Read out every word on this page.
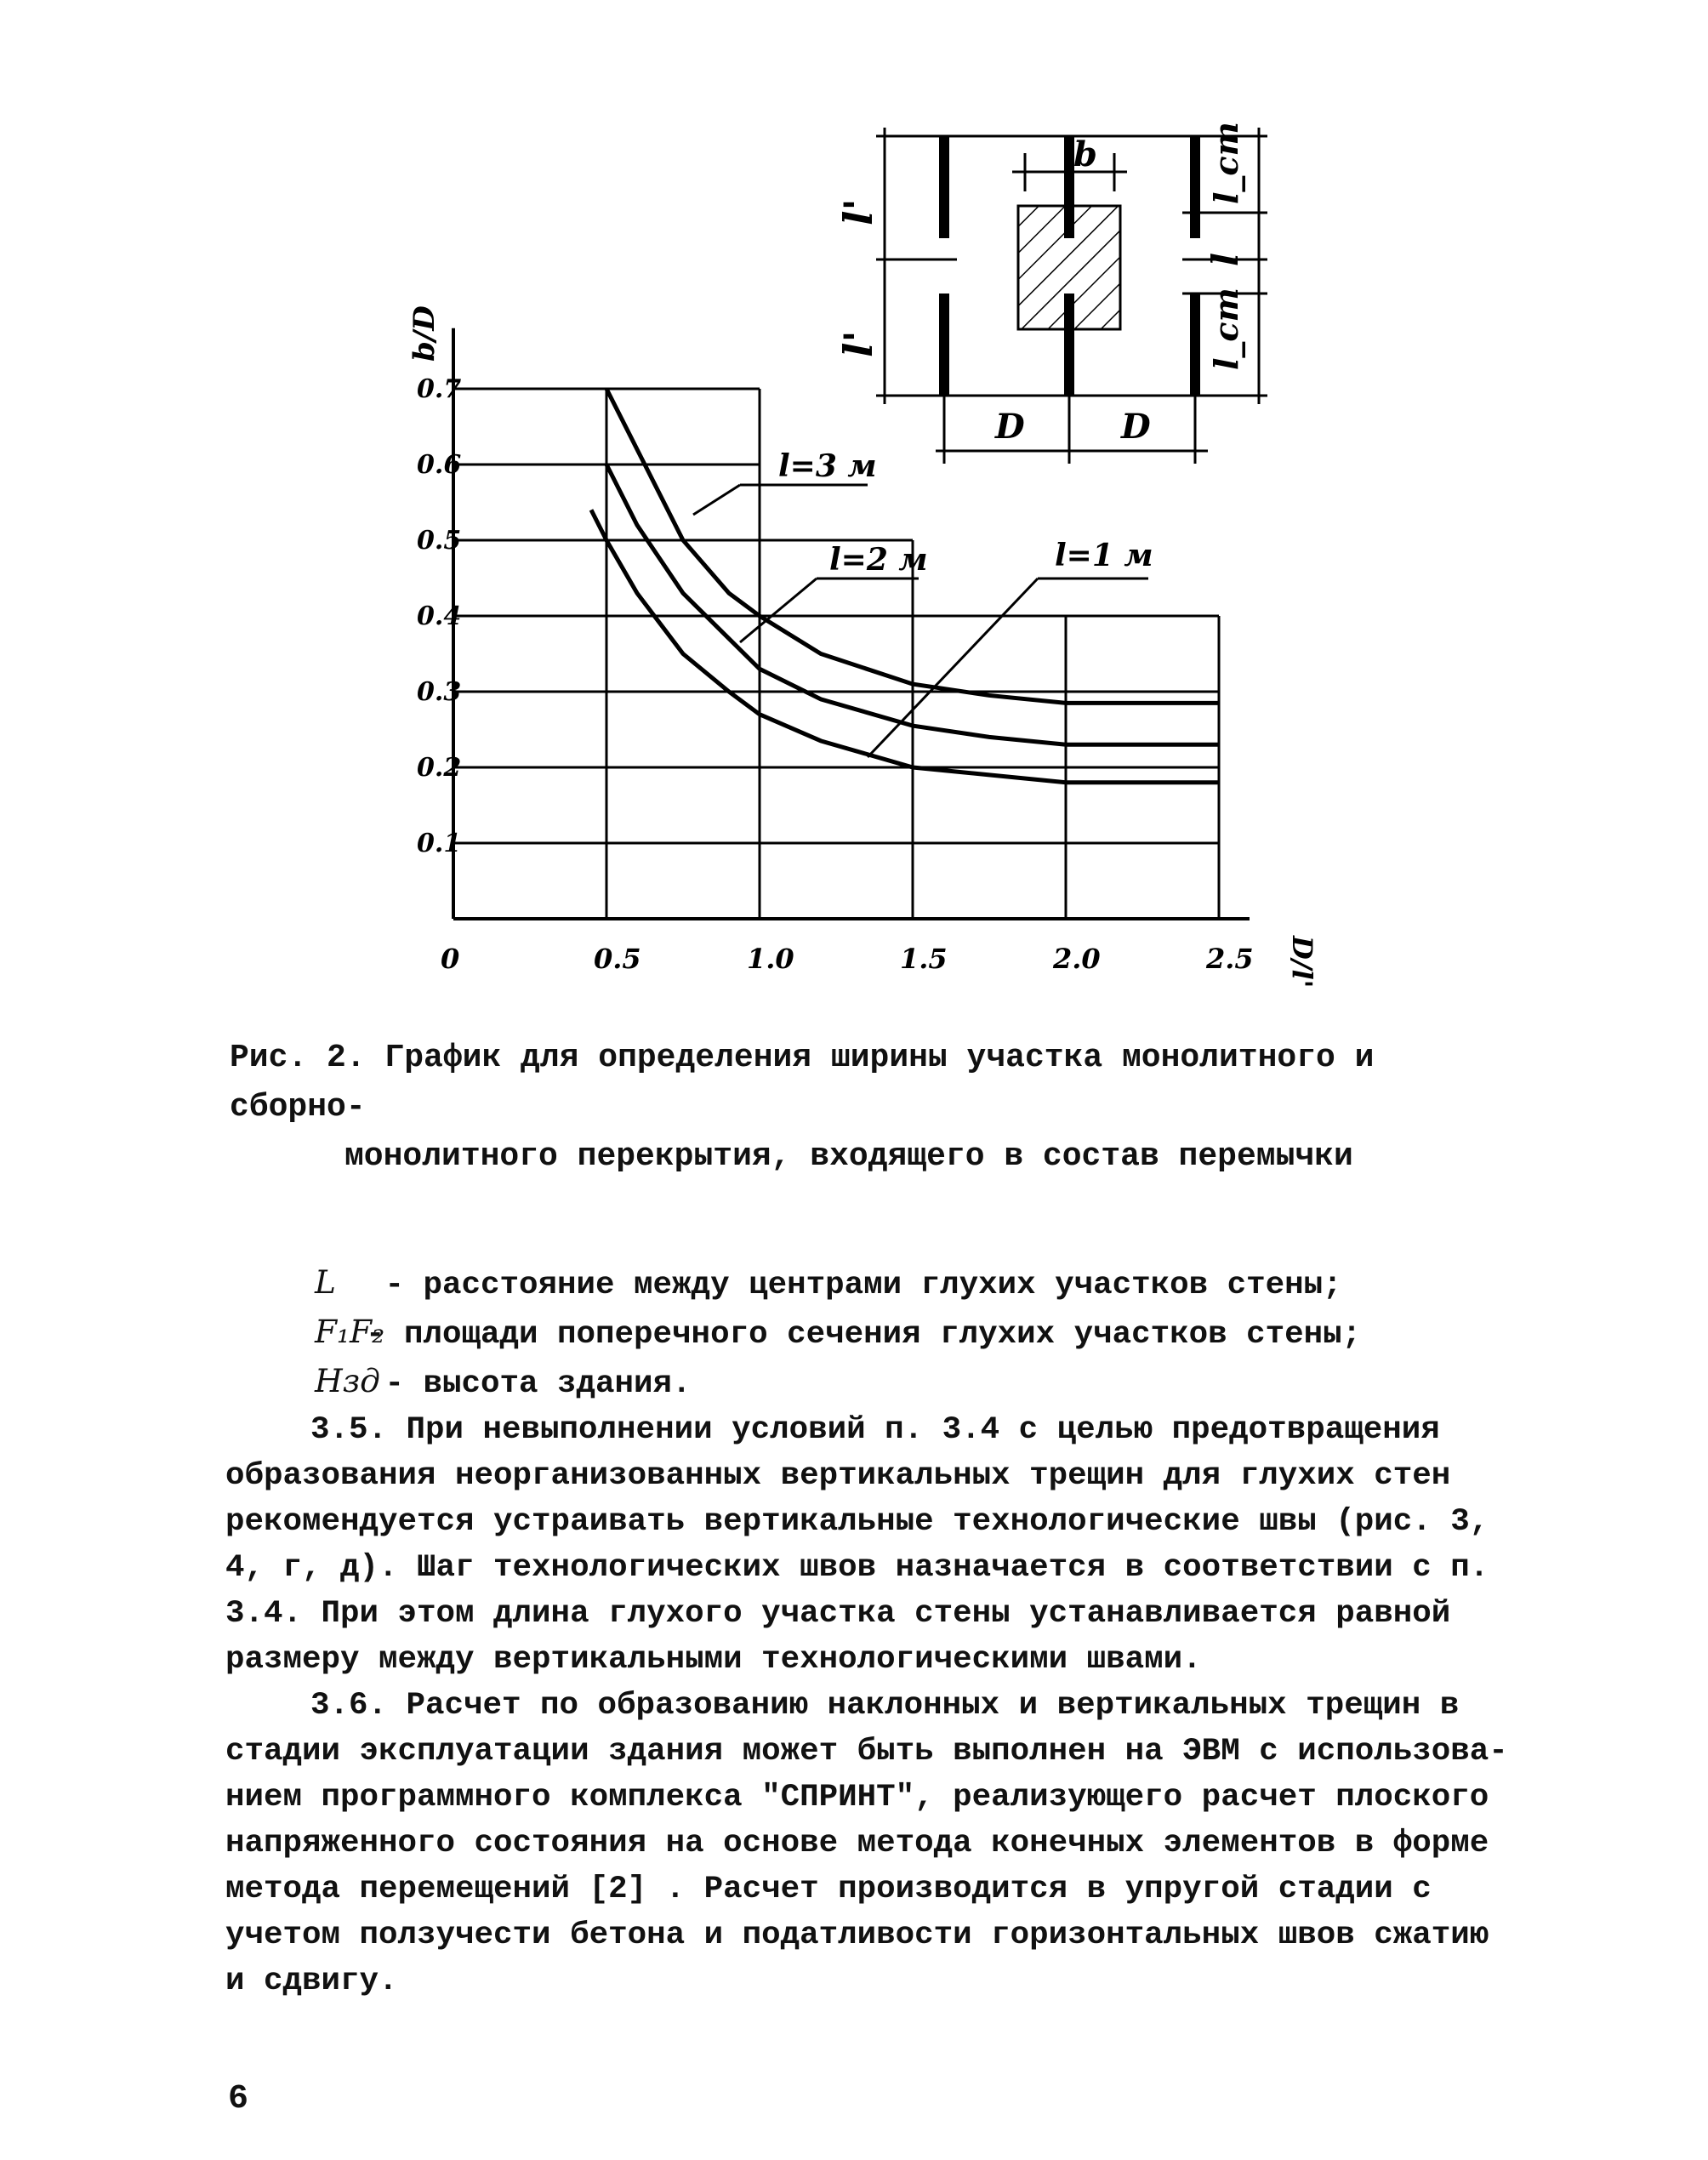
0.1
0.2
0.3
0.4
0.5
0.6
0.7
0	0.5	1.0	1.5	2.0	2.5
l=3 м
l=2 м	l=1 м
b
l'
l'
l_ст
l
l_ст
D	D
b/D
D/l'
Рис. 2. График для определения ширины участка монолитного и сборно-
монолитного перекрытия, входящего в состав перемычки
L - расстояние между центрами глухих участков стены;
F₁F₂- площади поперечного сечения глухих участков стены;
Hзд - высота здания.
3.5. При невыполнении условий п. 3.4 с целью предотвращения
образования неорганизованных вертикальных трещин для глухих стен
рекомендуется устраивать вертикальные технологические швы (рис. 3,
4, г, д). Шаг технологических швов назначается в соответствии с п.
3.4. При этом длина глухого участка стены устанавливается равной
размеру между вертикальными технологическими швами.
3.6. Расчет по образованию наклонных и вертикальных трещин в
стадии эксплуатации здания может быть выполнен на ЭВМ с использова-
нием программного комплекса "СПРИНТ", реализующего расчет плоского
напряженного состояния на основе метода конечных элементов в форме
метода перемещений [2] . Расчет производится в упругой стадии с
учетом ползучести бетона и податливости горизонтальных швов сжатию
и сдвигу.
6
